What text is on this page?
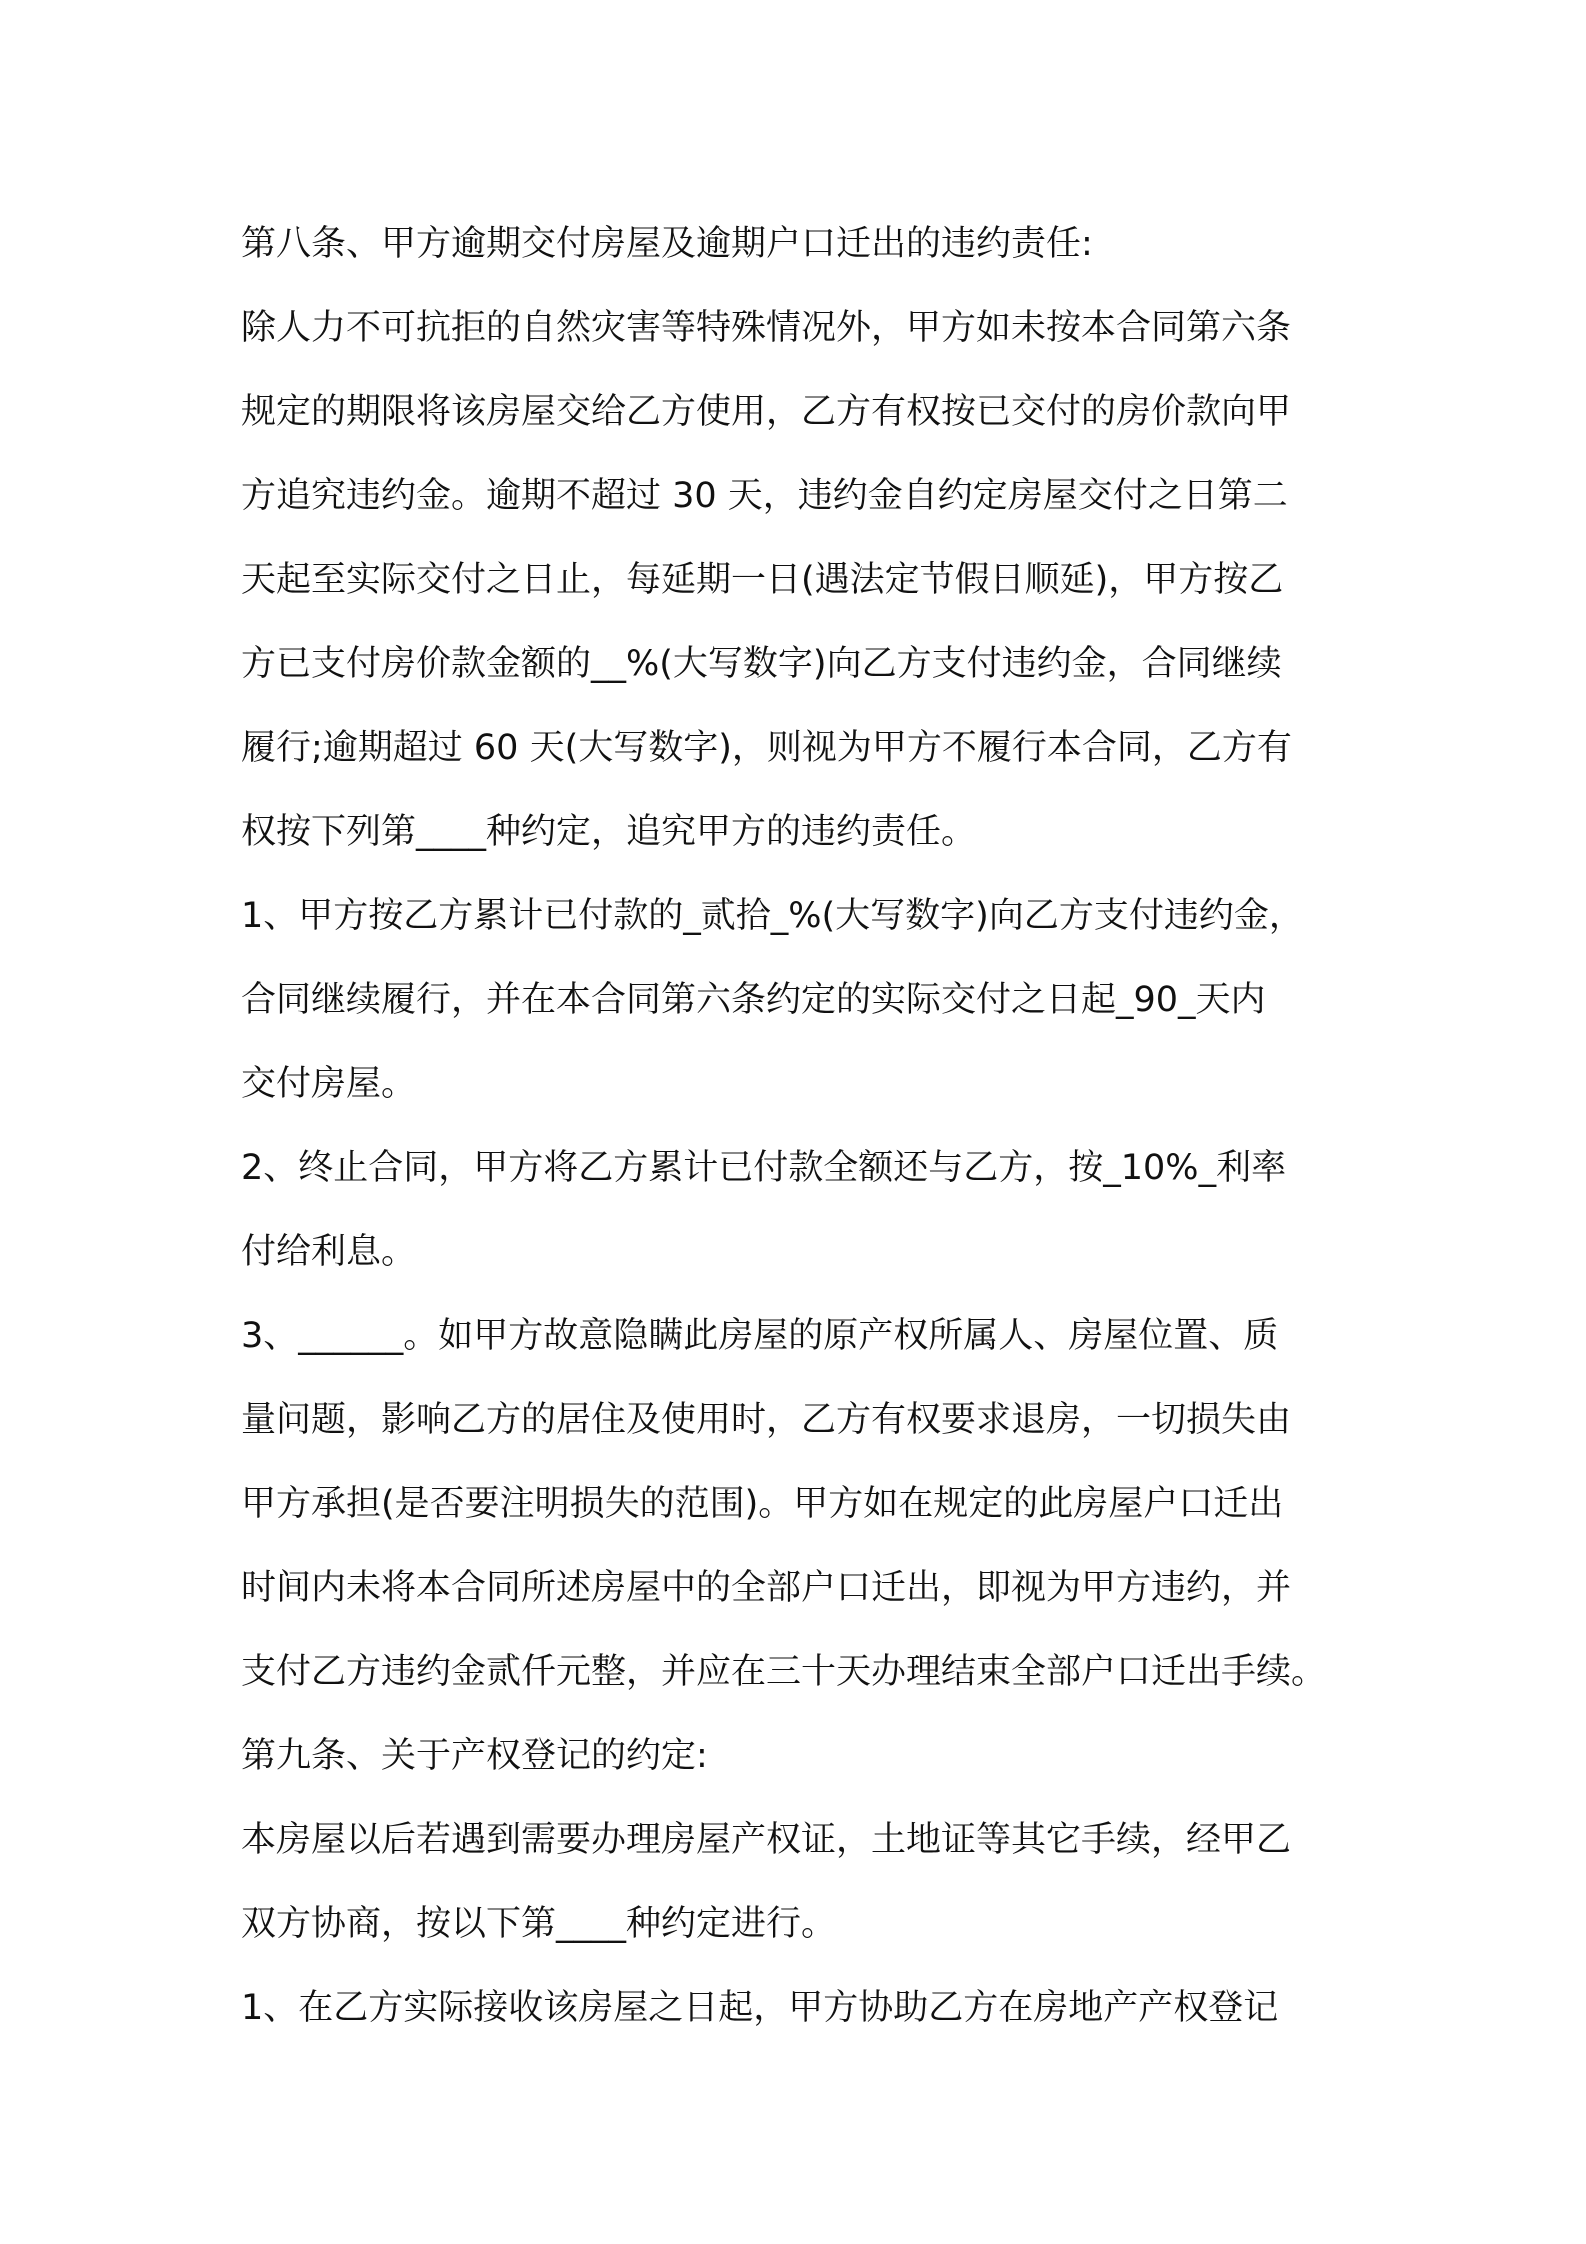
第八条、甲方逾期交付房屋及逾期户口迁出的违约责任:
除人力不可抗拒的自然灾害等特殊情况外，甲方如未按本合同第六条
规定的期限将该房屋交给乙方使用，乙方有权按已交付的房价款向甲
方追究违约金。逾期不超过 30 天，违约金自约定房屋交付之日第二
天起至实际交付之日止，每延期一日(遇法定节假日顺延)，甲方按乙
方已支付房价款金额的__%(大写数字)向乙方支付违约金，合同继续
履行;逾期超过 60 天(大写数字)，则视为甲方不履行本合同，乙方有
权按下列第____种约定，追究甲方的违约责任。
1、甲方按乙方累计已付款的_贰拾_%(大写数字)向乙方支付违约金，
合同继续履行，并在本合同第六条约定的实际交付之日起_90_天内
交付房屋。
2、终止合同，甲方将乙方累计已付款全额还与乙方，按_10%_利率
付给利息。
3、______。如甲方故意隐瞒此房屋的原产权所属人、房屋位置、质
量问题，影响乙方的居住及使用时，乙方有权要求退房，一切损失由
甲方承担(是否要注明损失的范围)。甲方如在规定的此房屋户口迁出
时间内未将本合同所述房屋中的全部户口迁出，即视为甲方违约，并
支付乙方违约金贰仟元整，并应在三十天办理结束全部户口迁出手续。
第九条、关于产权登记的约定:
本房屋以后若遇到需要办理房屋产权证，土地证等其它手续，经甲乙
双方协商，按以下第____种约定进行。
1、在乙方实际接收该房屋之日起，甲方协助乙方在房地产产权登记
